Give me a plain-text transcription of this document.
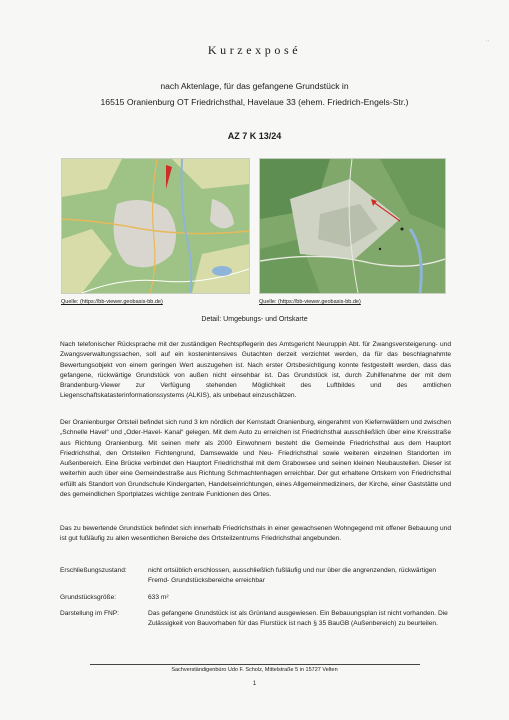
' '
Kurzexposé
nach Aktenlage, für das gefangene Grundstück in
16515 Oranienburg OT Friedrichsthal, Havelaue 33 (ehem. Friedrich-Engels-Str.)
AZ 7 K 13/24
Quelle: (https://bb-viewer.geobasis-bb.de)	Quelle: (https://bb-viewer.geobasis-bb.de)
Detail: Umgebungs- und Ortskarte

Nach telefonischer Rücksprache mit der zuständigen Rechtspflegerin des Amtsgericht Neuruppin Abt. für Zwangsversteigerung- und Zwangsverwaltungssachen, soll auf ein kostenintensives Gutachten derzeit verzichtet werden, da für das beschlagnahmte Bewertungsobjekt von einem geringen Wert auszugehen ist. Nach erster Ortsbesichtigung konnte festgestellt werden, dass das gefangene, rückwärtige Grundstück von außen nicht einsehbar ist. Das Grundstück ist, durch Zuhilfenahme der mit dem Brandenburg-Viewer zur Verfügung stehenden Möglichkeit des Luftbildes und des amtlichen Liegenschaftskatasterinformationssystems (ALKIS), als unbebaut einzuschätzen.

Der Oranienburger Ortsteil befindet sich rund 3 km nördlich der Kernstadt Oranienburg, eingerahmt von Kiefernwäldern und zwischen „Schnelle Havel“ und „Oder-Havel- Kanal“ gelegen. Mit dem Auto zu erreichen ist Friedrichsthal ausschließlich über eine Kreisstraße aus Richtung Oranienburg. Mit seinen mehr als 2000 Einwohnern besteht die Gemeinde Friedrichsthal aus dem Hauptort Friedrichsthal, den Ortsteilen Fichtengrund, Damsewalde und Neu- Friedrichsthal sowie weiteren einzelnen Standorten im Außenbereich. Eine Brücke verbindet den Hauptort Friedrichsthal mit dem Grabowsee und seinen kleinen Neubaustellen. Dieser ist weiterhin auch über eine Gemeindestraße aus Richtung Schmachtenhagen erreichbar. Der gut erhaltene Ortskern von Friedrichsthal erfüllt als Standort von Grundschule Kindergarten, Handelseinrichtungen, eines Allgemeinmediziners, der Kirche, einer Gaststätte und des gemeindlichen Sportplatzes wichtige zentrale Funktionen des Ortes.

Das zu bewertende Grundstück befindet sich innerhalb Friedrichsthals in einer gewachsenen Wohngegend mit offener Bebauung und ist gut fußläufig zu allen wesentlichen Bereiche des Ortsteilzentrums Friedrichsthal angebunden.

Erschließungszustand:	nicht ortsüblich erschlossen, ausschließlich fußläufig und nur über die angrenzenden, rückwärtigen Fremd- Grundstücksbereiche erreichbar
Grundstücksgröße:	633 m²
Darstellung im FNP:	Das gefangene Grundstück ist als Grünland ausgewiesen. Ein Bebauungsplan ist nicht vorhanden. Die Zulässigkeit von Bauvorhaben für das Flurstück ist nach § 35 BauGB (Außenbereich) zu beurteilen.
Sachverständigenbüro Udo F. Scholz, Mittelstraße 5 in 15727 Velten
1
